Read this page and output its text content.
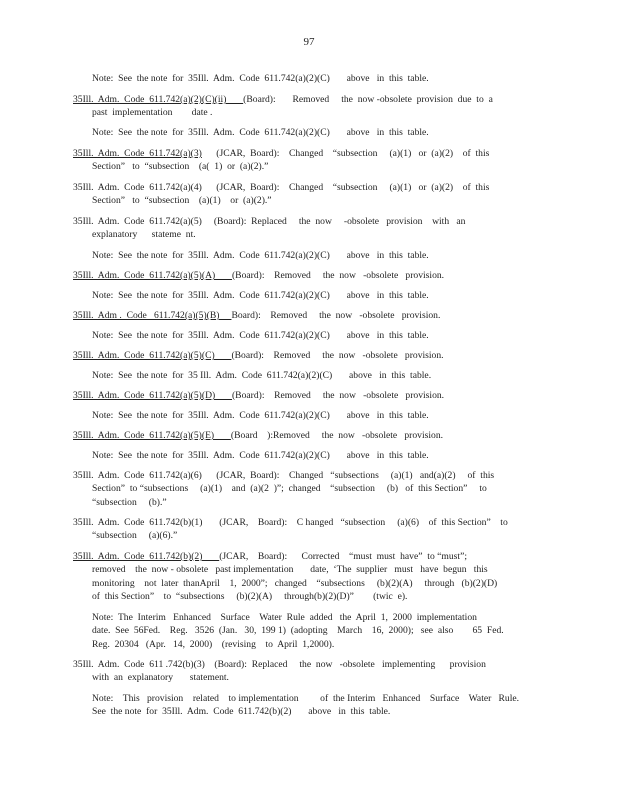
97
Note:  See  the note  for  35Ill.  Adm.  Code  611.742(a)(2)(C)       above   in  this  table.
35Ill.  Adm.  Code  611.742(a)(2)(C)(ii)       (Board):       Removed     the  now -obsolete  provision  due  to  a
past  implementation        date .
Note:  See  the note  for  35Ill.  Adm.  Code  611.742(a)(2)(C)       above   in  this  table.
35Ill.  Adm.  Code  611.742(a)(3)      (JCAR,  Board):    Changed    “subsection     (a)(1)   or  (a)(2)    of  this
Section”   to  “subsection    (a(  1)  or  (a)(2).”
35Ill.  Adm.  Code  611.742(a)(4)      (JCAR,  Board):    Changed    “subsection     (a)(1)   or  (a)(2)    of  this
Section”   to  “subsection    (a)(1)    or  (a)(2).”
35Ill.  Adm.  Code  611.742(a)(5)     (Board):  Replaced     the  now     -obsolete   provision    with   an
explanatory      stateme  nt.
Note:  See  the note  for  35Ill.  Adm.  Code  611.742(a)(2)(C)       above   in  this  table.
35Ill.  Adm.  Code  611.742(a)(5)(A)       (Board):    Removed     the  now   -obsolete   provision.
Note:  See  the note  for  35Ill.  Adm.  Code  611.742(a)(2)(C)       above   in  this  table.
35Ill.  Adm .  Code   611.742(a)(5)(B)     Board):    Removed     the  now   -obsolete   provision.
Note:  See  the note  for  35Ill.  Adm.  Code  611.742(a)(2)(C)       above   in  this  table.
35Ill.  Adm.  Code  611.742(a)(5)(C)       (Board):    Removed     the  now   -obsolete   provision.
Note:  See  the note  for  35 Ill.  Adm.  Code  611.742(a)(2)(C)       above   in  this  table.
35Ill.  Adm.  Code  611.742(a)(5)(D)       (Board):    Removed     the  now   -obsolete   provision.
Note:  See  the note  for  35Ill.  Adm.  Code  611.742(a)(2)(C)       above   in  this  table.
35Ill.  Adm.  Code  611.742(a)(5)(E)       (Board    ):Removed     the  now   -obsolete   provision.
Note:  See  the note  for  35Ill.  Adm.  Code  611.742(a)(2)(C)       above   in  this  table.
35Ill.  Adm.  Code  611.742(a)(6)      (JCAR,  Board):    Changed   “subsections     (a)(1)   and(a)(2)     of  this
Section”  to “subsections     (a)(1)    and  (a)(2  )”;  changed    “subsection     (b)   of  this Section”     to
“subsection     (b).”
35Ill.  Adm.  Code  611.742(b)(1)       (JCAR,    Board):    C hanged   “subsection     (a)(6)    of  this Section”    to
“subsection     (a)(6).”
35Ill.  Adm.  Code  611.742(b)(2)       (JCAR,    Board):      Corrected    “must  must  have”  to “must”;
removed    the  now - obsolete   past implementation       date,  ‘The  supplier   must   have  begun   this
monitoring    not  later  thanApril    1,  2000”;   changed    “subsections     (b)(2)(A)     through   (b)(2)(D)
of  this Section”    to  “subsections     (b)(2)(A)     through(b)(2)(D)”        (twic  e).
Note:  The  Interim   Enhanced    Surface    Water  Rule  added   the  April  1,  2000  implementation
date.  See  56Fed.    Reg.   3526  (Jan.   30,  199 1)  (adopting    March    16,  2000);   see  also        65  Fed.
Reg.  20304   (Apr.   14,  2000)    (revising    to  April  1,2000).
35Ill.  Adm.  Code  611 .742(b)(3)    (Board):  Replaced     the  now   -obsolete   implementing      provision
with  an  explanatory       statement.
Note:    This   provision    related    to implementation         of  the Interim   Enhanced    Surface    Water   Rule.
See  the note  for  35Ill.  Adm.  Code  611.742(b)(2)       above   in  this  table.
